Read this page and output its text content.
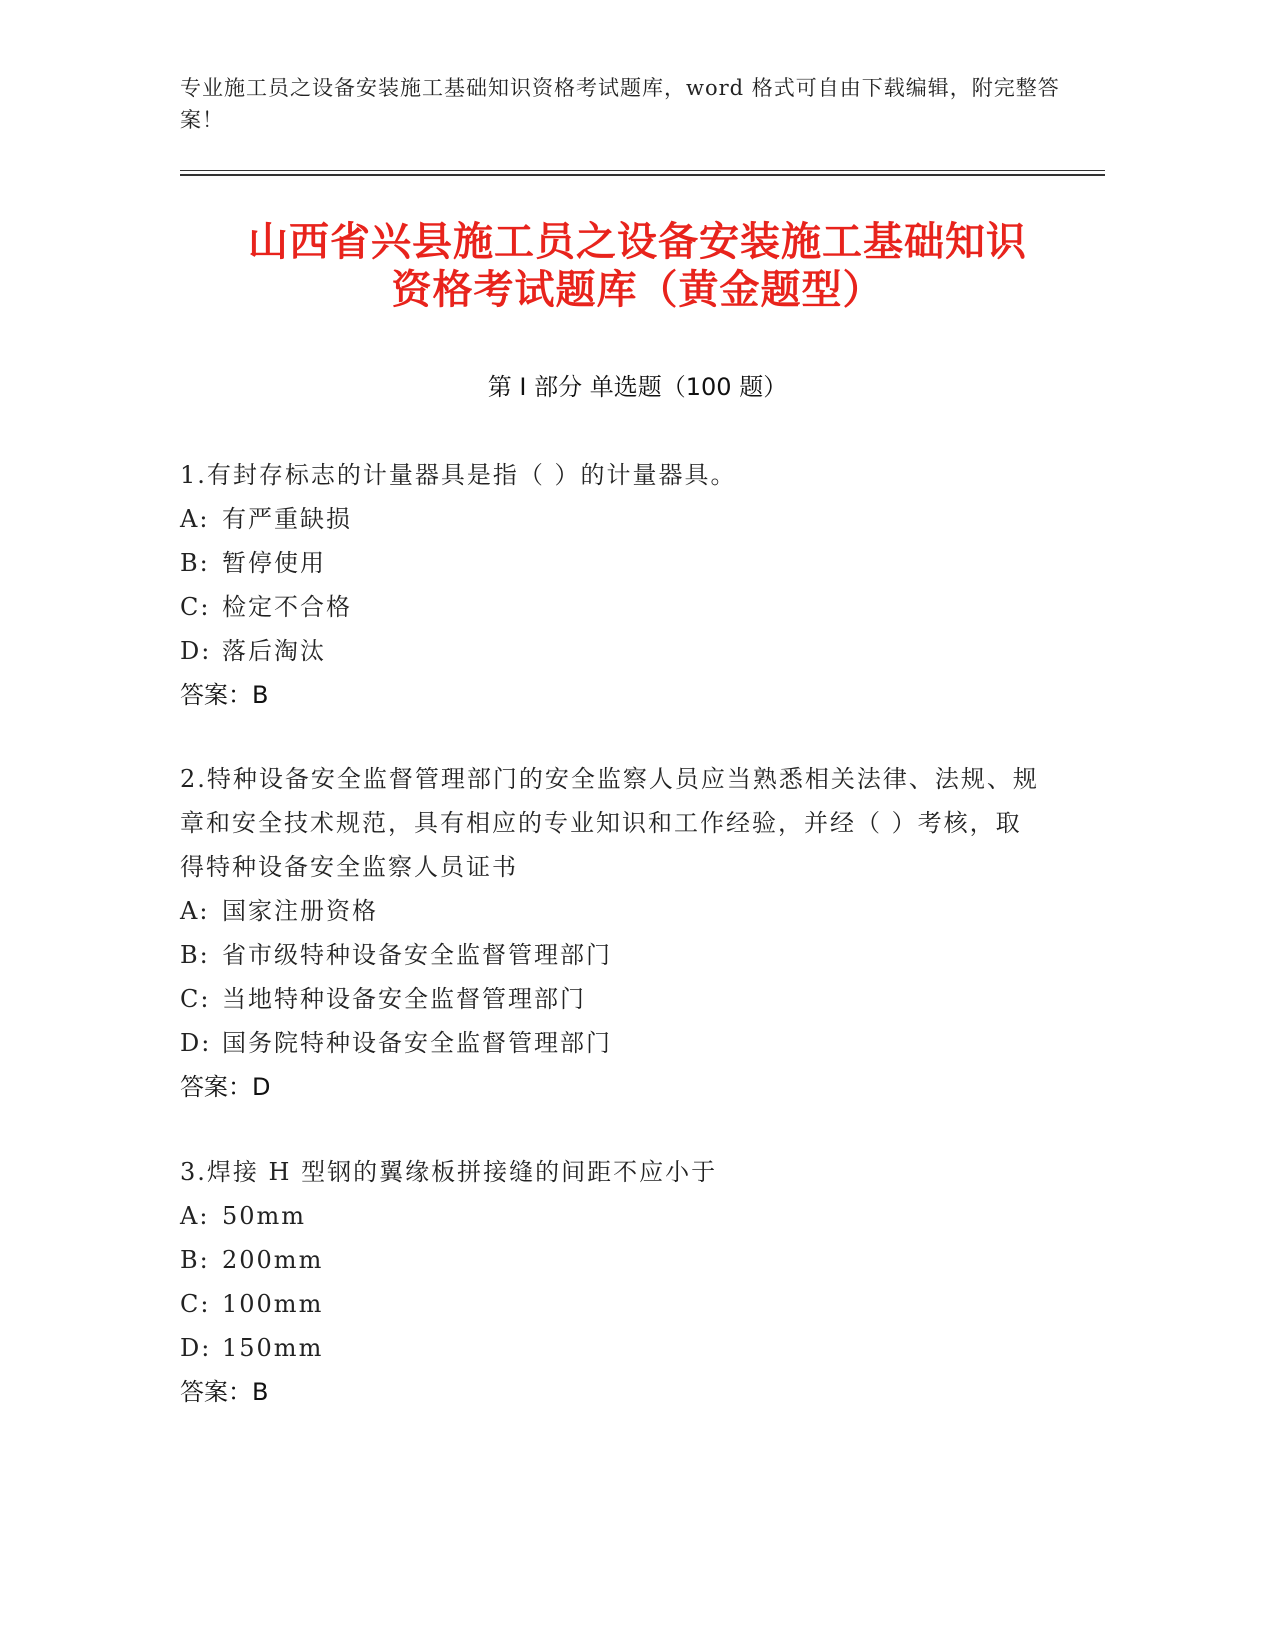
专业施工员之设备安装施工基础知识资格考试题库，word 格式可自由下载编辑，附完整答案！
山西省兴县施工员之设备安装施工基础知识
资格考试题库（黄金题型）
第 I 部分 单选题（100 题）
1.有封存标志的计量器具是指（ ）的计量器具。
A: 有严重缺损
B: 暂停使用
C: 检定不合格
D: 落后淘汰
答案：B
2.特种设备安全监督管理部门的安全监察人员应当熟悉相关法律、法规、规章和安全技术规范，具有相应的专业知识和工作经验，并经（ ）考核，取得特种设备安全监察人员证书
A: 国家注册资格
B: 省市级特种设备安全监督管理部门
C: 当地特种设备安全监督管理部门
D: 国务院特种设备安全监督管理部门
答案：D
3.焊接 H 型钢的翼缘板拼接缝的间距不应小于
A: 50mm
B: 200mm
C: 100mm
D: 150mm
答案：B
